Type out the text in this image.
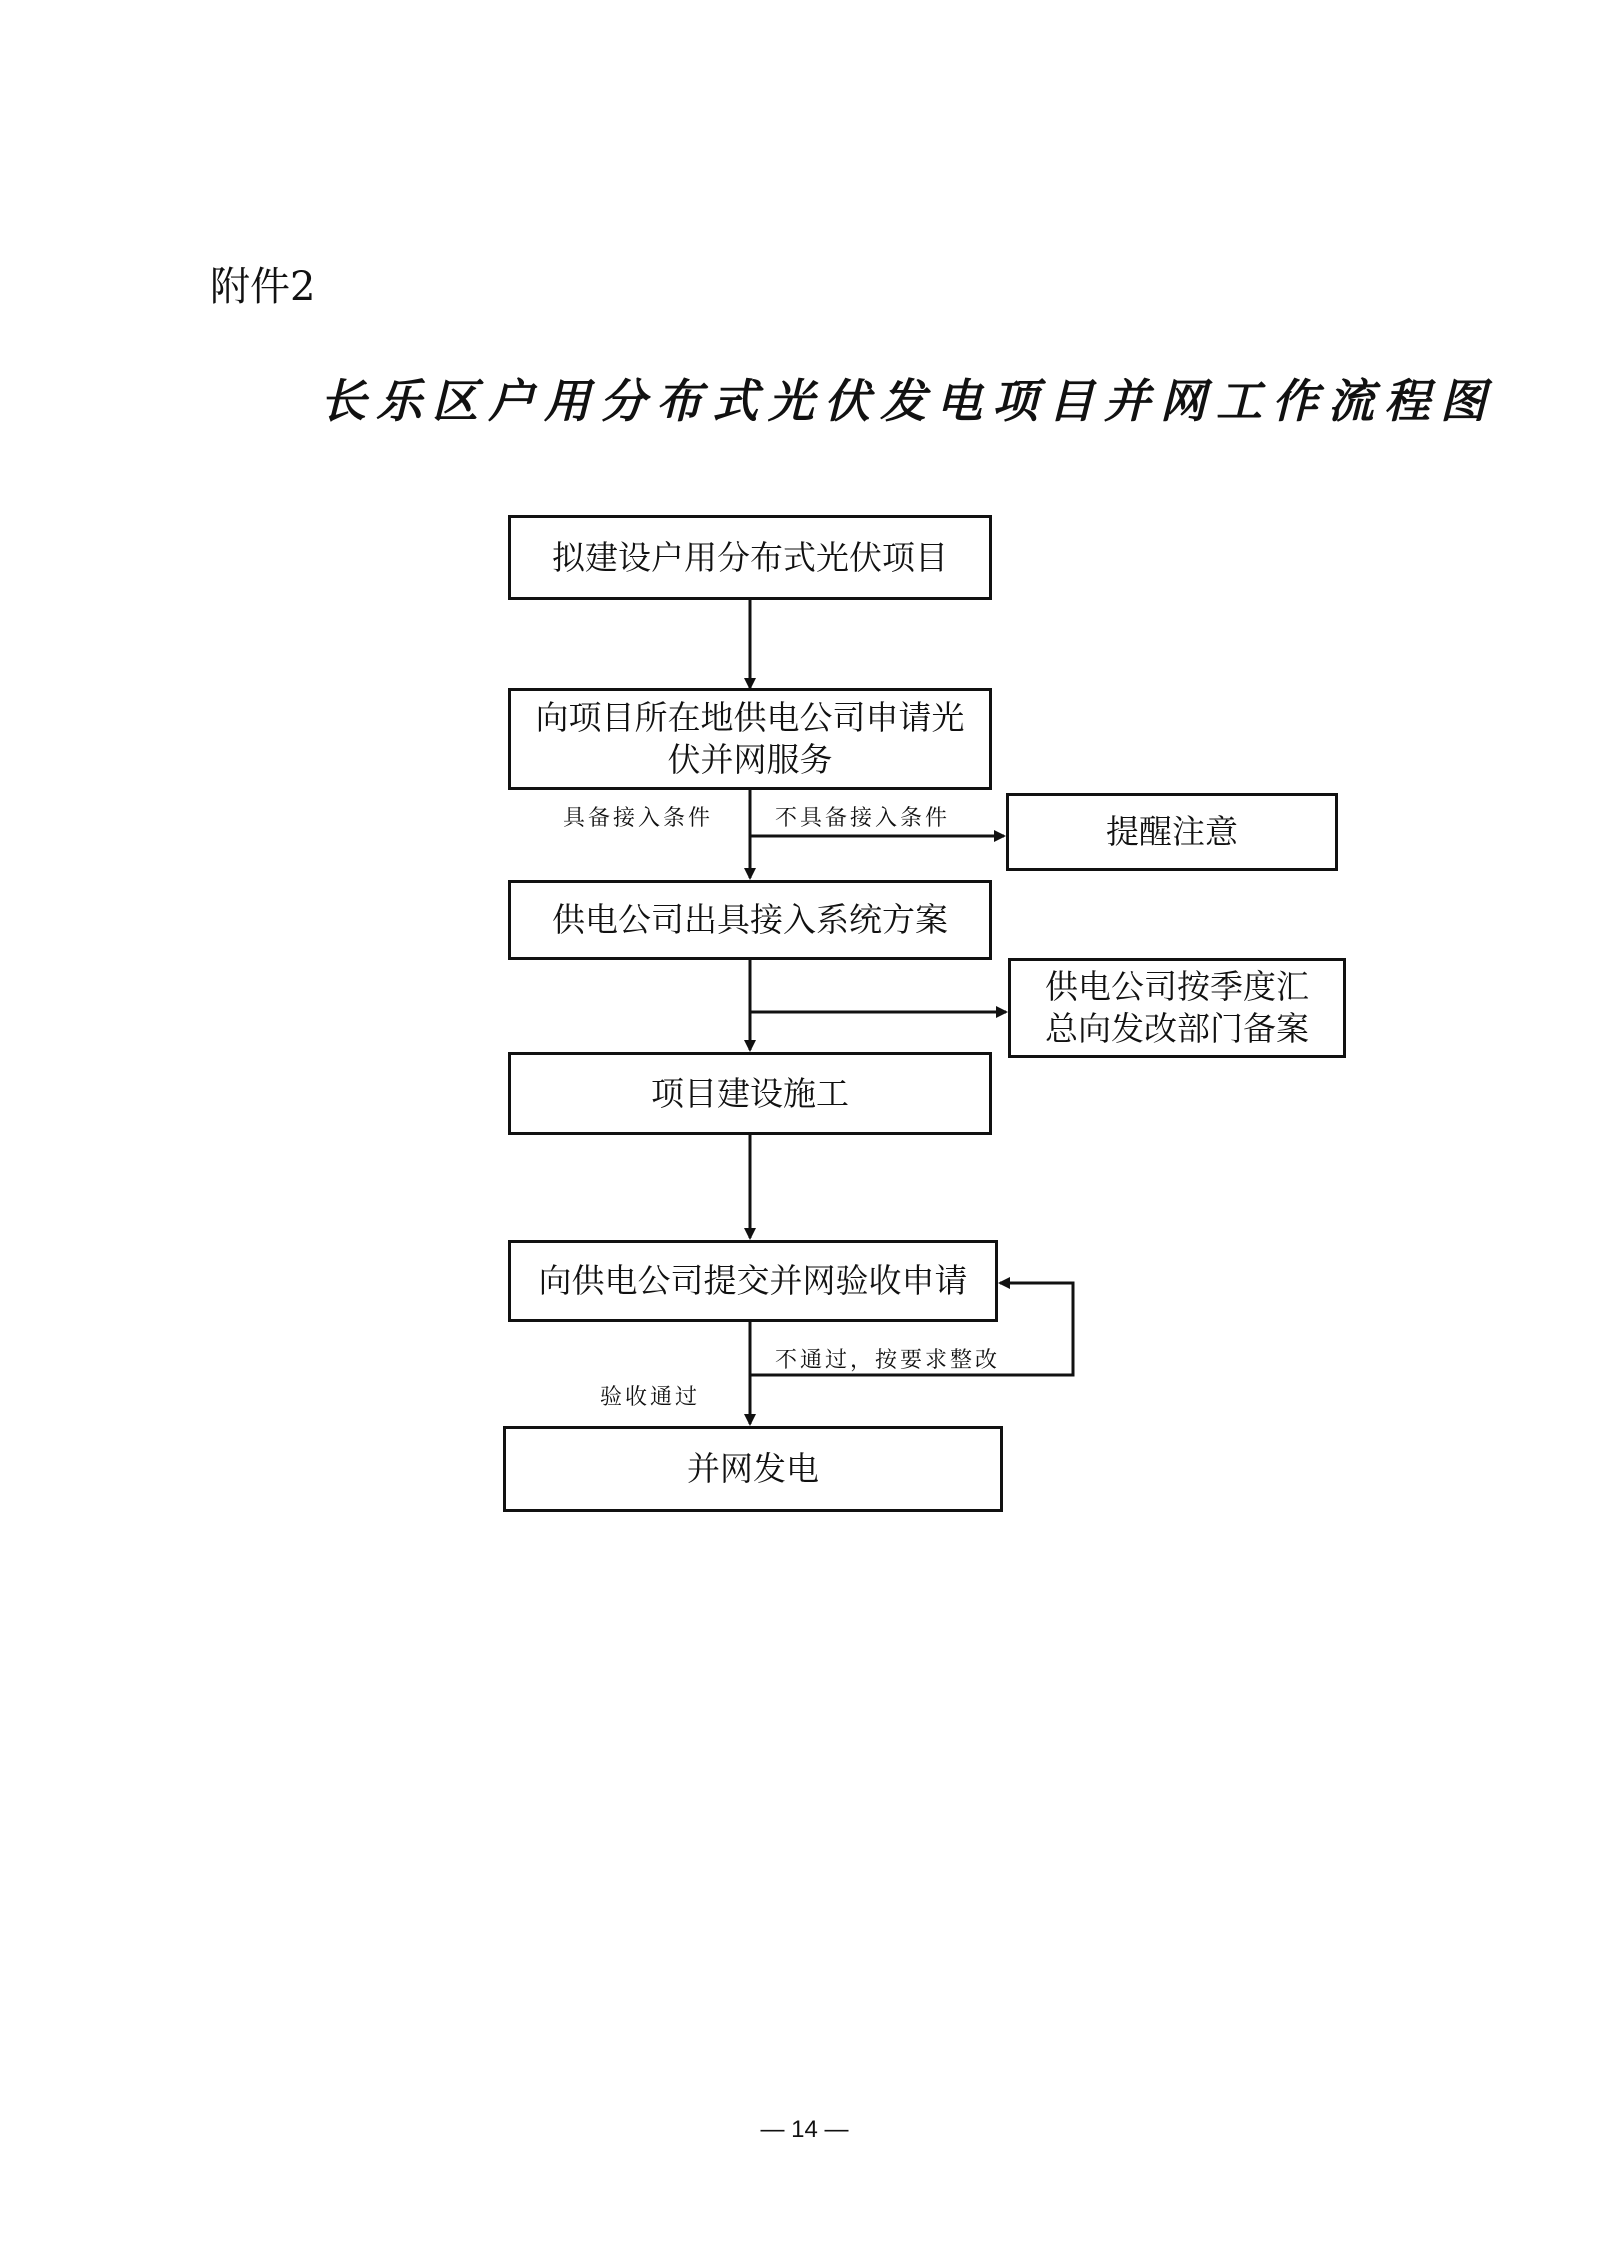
附件2
长乐区户用分布式光伏发电项目并网工作流程图
拟建设户用分布式光伏项目
向项目所在地供电公司申请光
伏并网服务
具备接入条件	不具备接入条件	提醒注意
供电公司出具接入系统方案
供电公司按季度汇
总向发改部门备案
项目建设施工
向供电公司提交并网验收申请
不通过，按要求整改
验收通过
并网发电
— 14 —
